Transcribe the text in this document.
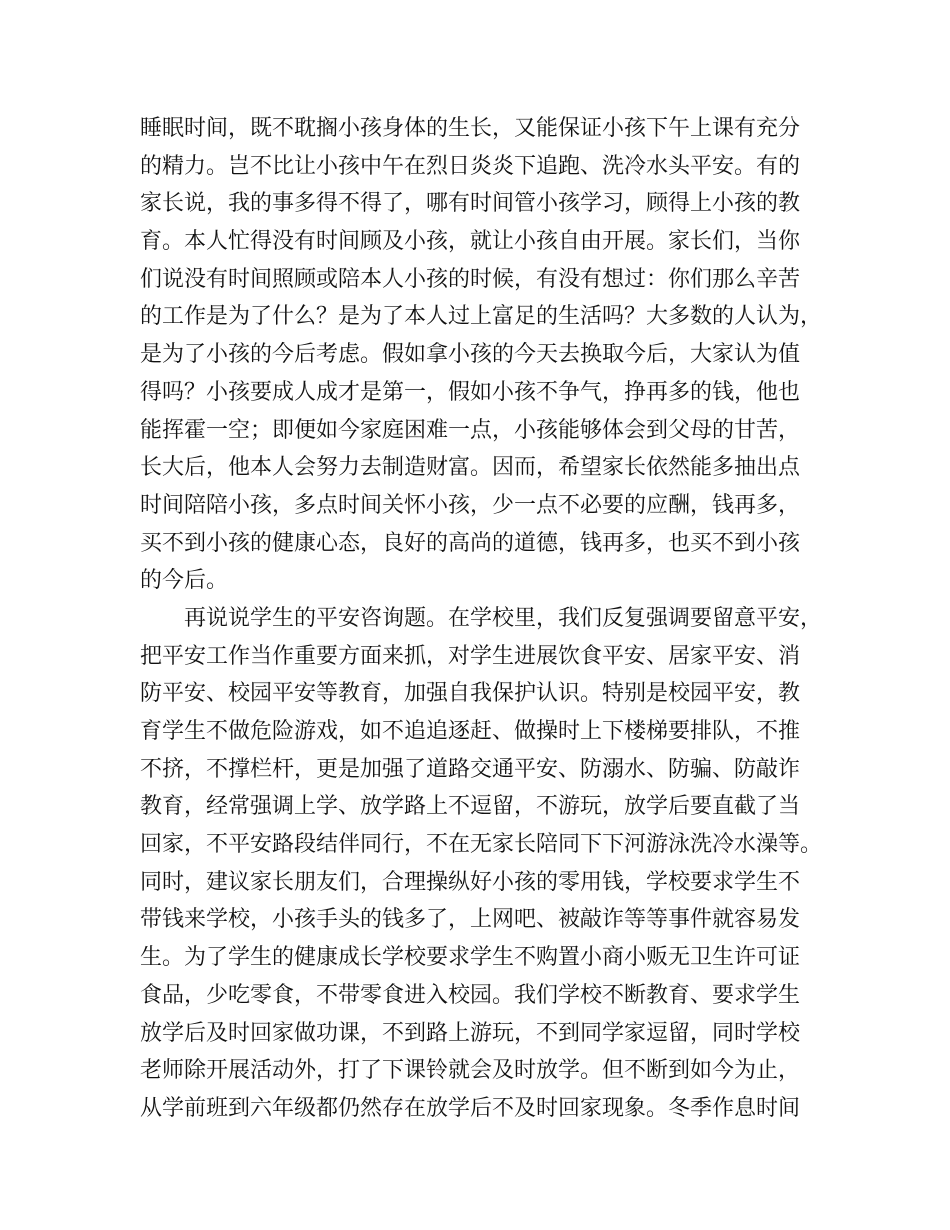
睡眠时间，既不耽搁小孩身体的生长，又能保证小孩下午上课有充分
的精力。岂不比让小孩中午在烈日炎炎下追跑、洗冷水头平安。有的
家长说，我的事多得不得了，哪有时间管小孩学习，顾得上小孩的教
育。本人忙得没有时间顾及小孩，就让小孩自由开展。家长们，当你
们说没有时间照顾或陪本人小孩的时候，有没有想过：你们那么辛苦
的工作是为了什么？是为了本人过上富足的生活吗？大多数的人认为，
是为了小孩的今后考虑。假如拿小孩的今天去换取今后，大家认为值
得吗？小孩要成人成才是第一，假如小孩不争气，挣再多的钱，他也
能挥霍一空；即便如今家庭困难一点，小孩能够体会到父母的甘苦，
长大后，他本人会努力去制造财富。因而，希望家长依然能多抽出点
时间陪陪小孩，多点时间关怀小孩，少一点不必要的应酬，钱再多，
买不到小孩的健康心态，良好的高尚的道德，钱再多，也买不到小孩
的今后。
　　再说说学生的平安咨询题。在学校里，我们反复强调要留意平安，
把平安工作当作重要方面来抓，对学生进展饮食平安、居家平安、消
防平安、校园平安等教育，加强自我保护认识。特别是校园平安，教
育学生不做危险游戏，如不追追逐赶、做操时上下楼梯要排队，不推
不挤，不撑栏杆，更是加强了道路交通平安、防溺水、防骗、防敲诈
教育，经常强调上学、放学路上不逗留，不游玩，放学后要直截了当
回家，不平安路段结伴同行，不在无家长陪同下下河游泳洗冷水澡等。
同时，建议家长朋友们，合理操纵好小孩的零用钱，学校要求学生不
带钱来学校，小孩手头的钱多了，上网吧、被敲诈等等事件就容易发
生。为了学生的健康成长学校要求学生不购置小商小贩无卫生许可证
食品，少吃零食，不带零食进入校园。我们学校不断教育、要求学生
放学后及时回家做功课，不到路上游玩，不到同学家逗留，同时学校
老师除开展活动外，打了下课铃就会及时放学。但不断到如今为止，
从学前班到六年级都仍然存在放学后不及时回家现象。冬季作息时间
